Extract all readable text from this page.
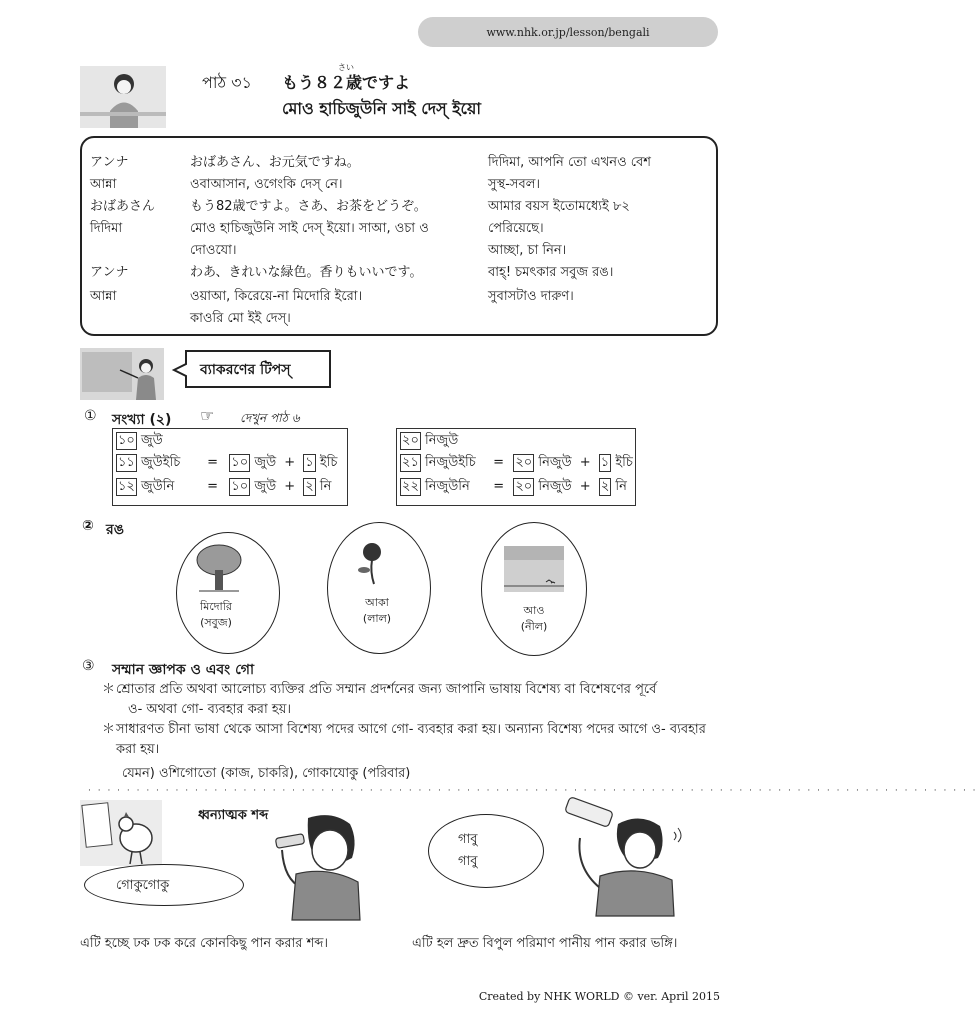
www.nhk.or.jp/lesson/bengali
পাঠ ৩১
さい
もう８２歳ですよ
মোও হাচিজুউনি সাই দেস্‌ ইয়ো
アンナ	おばあさん、お元気ですね。	দিদিমা, আপনি তো এখনও বেশ
আন্না	ওবাআসান, ওগেংকি দেস্‌ নে।	সুস্থ-সবল।
おばあさん	もう82歳ですよ。さあ、お茶をどうぞ。	আমার বয়স ইতোমধ্যেই ৮২
দিদিমা	মোও হাচিজুউনি সাই দেস্‌ ইয়ো। সাআ, ওচা ও	পেরিয়েছে।
দোওযো।	আচ্ছা, চা নিন।
アンナ	わあ、きれいな緑色。香りもいいです。	বাহ্‌! চমৎকার সবুজ রঙ।
আন্না	ওয়াআ, কিরেয়ে-না মিদোরি ইরো।	সুবাসটাও দারুণ।
কাওরি মো ইই দেস্‌।
ব্যাকরণের টিপস্‌
① সংখ্যা (২) ☞ দেখুন পাঠ ৬
১০ জুউ
১১ জুউইচি = ১০ জুউ + ১ ইচি
১২ জুউনি	= ১০ জুউ + ২ নি
২০ নিজুউ
২১ নিজুউইচি = ২০ নিজুউ + ১ ইচি
২২ নিজুউনি = ২০ নিজুউ + ২ নি
② রঙ
মিদোরি
(সবুজ)
আকা
(লাল)
আও
(নীল)
③ সম্মান জ্ঞাপক ও এবং গো
＊ শ্রোতার প্রতি অথবা আলোচ্য ব্যক্তির প্রতি সম্মান প্রদর্শনের জন্য জাপানি ভাষায় বিশেষ্য বা বিশেষণের পূর্বে
ও- অথবা গো- ব্যবহার করা হয়।
＊ সাধারণত চীনা ভাষা থেকে আসা বিশেষ্য পদের আগে গো- ব্যবহার করা হয়। অন্যান্য বিশেষ্য পদের আগে ও- ব্যবহার
করা হয়।
যেমন) ওশিগোতো (কাজ, চাকরি), গোকাযোকু (পরিবার)
· · · · · · · · · · · · · · · · · · · · · · · · · · · · · · · · · · · · · · · · · · · · · · · · · · · · · · · · · · · · · · · · · · · · · · · · · · · · · · · · · · · · · · · · · · · ·
ধ্বন্যাত্মক শব্দ
গোকুগোকু
গাবু
গাবু
এটি হচ্ছে ঢক ঢক করে কোনকিছু পান করার শব্দ।	এটি হল দ্রুত বিপুল পরিমাণ পানীয় পান করার ভঙ্গি।
Created by NHK WORLD © ver. April 2015
